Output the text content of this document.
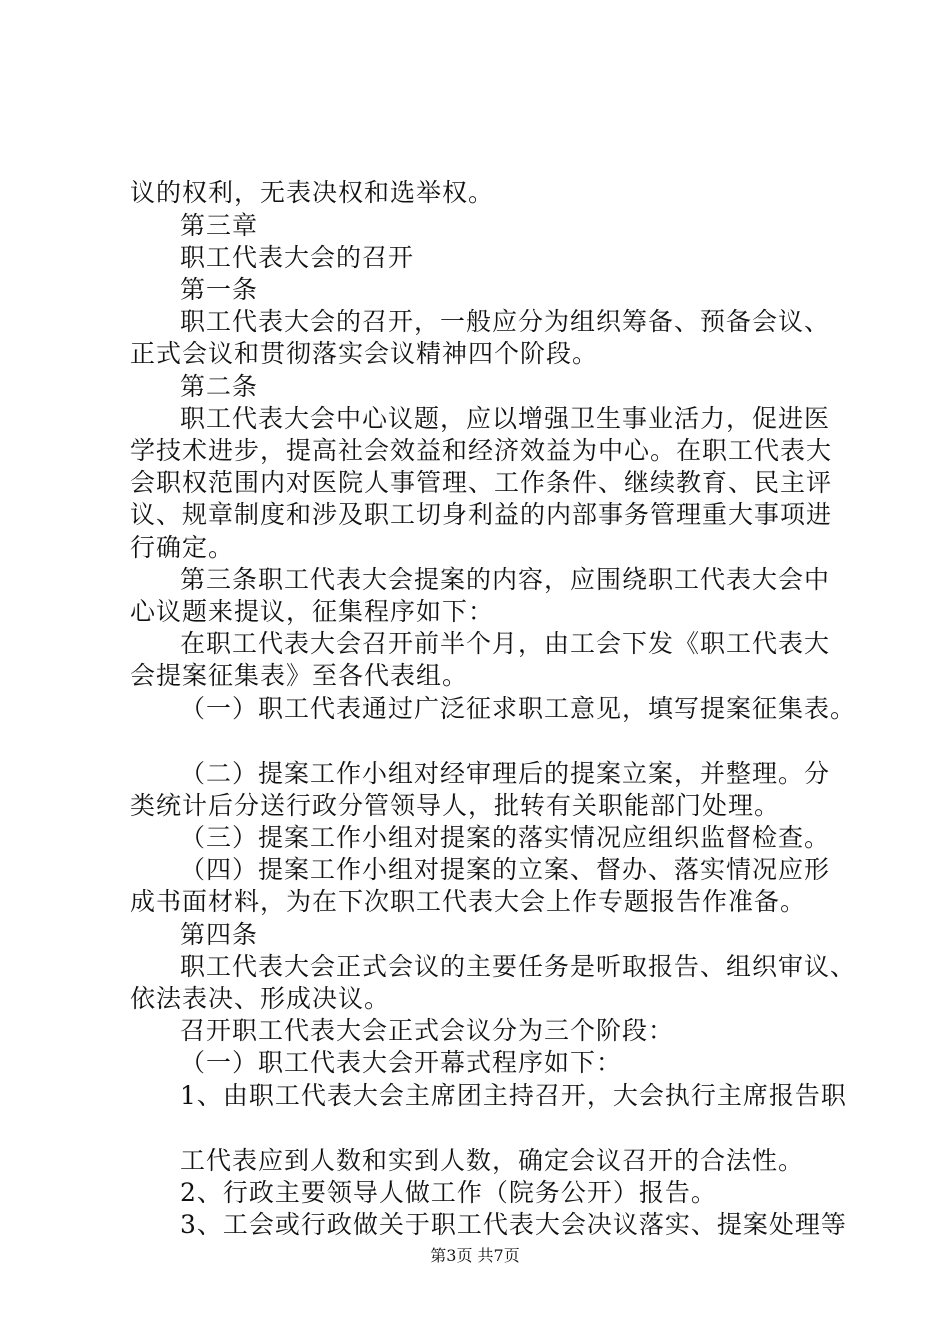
议的权利，无表决权和选举权。
第三章
职工代表大会的召开
第一条
职工代表大会的召开，一般应分为组织筹备、预备会议、
正式会议和贯彻落实会议精神四个阶段。
第二条
职工代表大会中心议题，应以增强卫生事业活力，促进医
学技术进步，提高社会效益和经济效益为中心。在职工代表大
会职权范围内对医院人事管理、工作条件、继续教育、民主评
议、规章制度和涉及职工切身利益的内部事务管理重大事项进
行确定。
第三条职工代表大会提案的内容，应围绕职工代表大会中
心议题来提议，征集程序如下：
在职工代表大会召开前半个月，由工会下发《职工代表大
会提案征集表》至各代表组。
（一）职工代表通过广泛征求职工意见，填写提案征集表。
（二）提案工作小组对经审理后的提案立案，并整理。分
类统计后分送行政分管领导人，批转有关职能部门处理。
（三）提案工作小组对提案的落实情况应组织监督检查。
（四）提案工作小组对提案的立案、督办、落实情况应形
成书面材料，为在下次职工代表大会上作专题报告作准备。
第四条
职工代表大会正式会议的主要任务是听取报告、组织审议、
依法表决、形成决议。
召开职工代表大会正式会议分为三个阶段：
（一）职工代表大会开幕式程序如下：
1、由职工代表大会主席团主持召开，大会执行主席报告职
工代表应到人数和实到人数，确定会议召开的合法性。
2、行政主要领导人做工作（院务公开）报告。
3、工会或行政做关于职工代表大会决议落实、提案处理等
第3页 共7页
